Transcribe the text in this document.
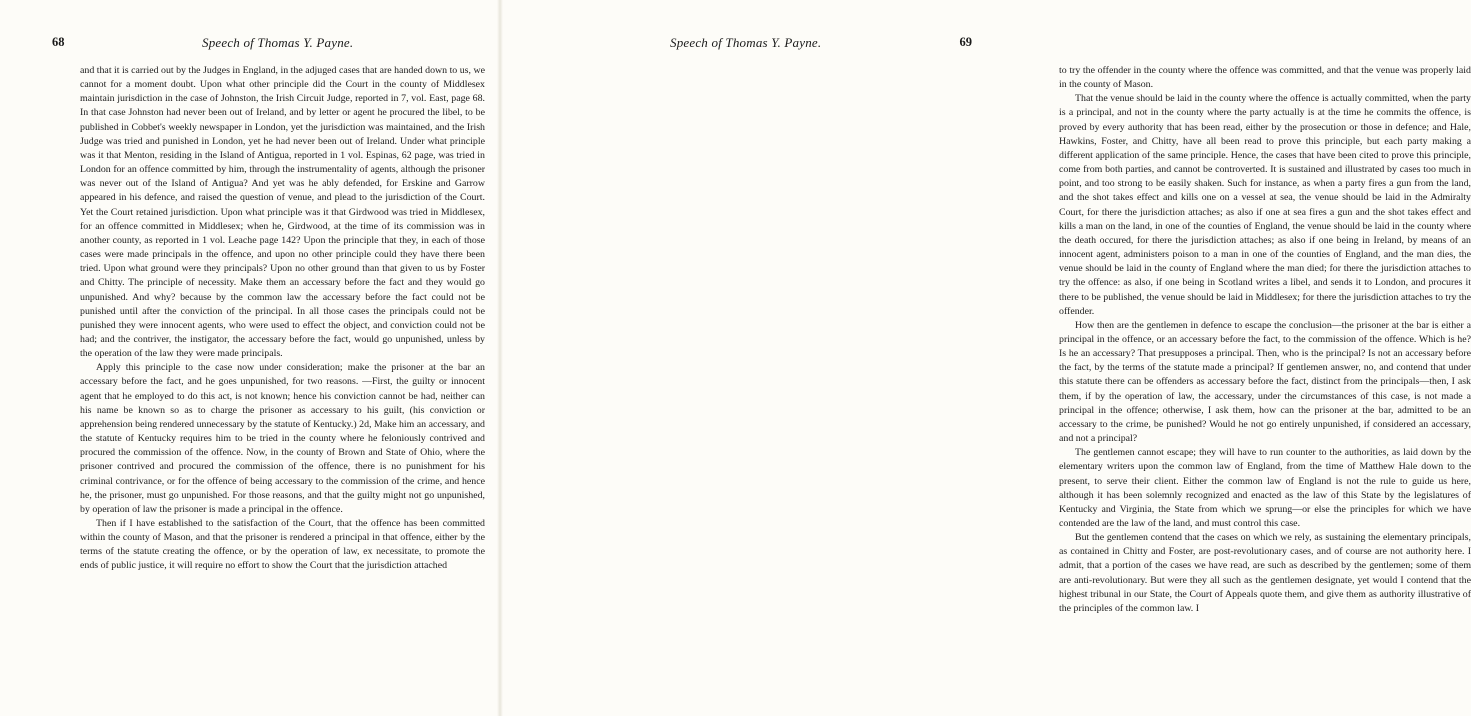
68	Speech of Thomas Y. Payne.

and that it is carried out by the Judges in England, in the adjuged cases that are handed down to us, we cannot for a moment doubt. Upon what other principle did the Court in the county of Middlesex maintain jurisdiction in the case of Johnston, the Irish Circuit Judge, reported in 7, vol. East, page 68. In that case Johnston had never been out of Ireland, and by letter or agent he procured the libel, to be published in Cobbet's weekly newspaper in London, yet the jurisdiction was maintained, and the Irish Judge was tried and punished in London, yet he had never been out of Ireland. Under what principle was it that Menton, residing in the Island of Antigua, reported in 1 vol. Espinas, 62 page, was tried in London for an offence committed by him, through the instrumentality of agents, although the prisoner was never out of the Island of Antigua? And yet was he ably defended, for Erskine and Garrow appeared in his defence, and raised the question of venue, and plead to the jurisdiction of the Court. Yet the Court retained jurisdiction. Upon what principle was it that Girdwood was tried in Middlesex, for an offence committed in Middlesex; when he, Girdwood, at the time of its commission was in another county, as reported in 1 vol. Leache page 142? Upon the principle that they, in each of those cases were made principals in the offence, and upon no other principle could they have there been tried. Upon what ground were they principals? Upon no other ground than that given to us by Foster and Chitty. The principle of necessity. Make them an accessary before the fact and they would go unpunished. And why? because by the common law the accessary before the fact could not be punished until after the conviction of the principal. In all those cases the principals could not be punished they were innocent agents, who were used to effect the object, and conviction could not be had; and the contriver, the instigator, the accessary before the fact, would go unpunished, unless by the operation of the law they were made principals.

Apply this principle to the case now under consideration; make the prisoner at the bar an accessary before the fact, and he goes unpunished, for two reasons. —First, the guilty or innocent agent that he employed to do this act, is not known; hence his conviction cannot be had, neither can his name be known so as to charge the prisoner as accessary to his guilt, (his conviction or apprehension being rendered unnecessary by the statute of Kentucky.) 2d, Make him an accessary, and the statute of Kentucky requires him to be tried in the county where he feloniously contrived and procured the commission of the offence. Now, in the county of Brown and State of Ohio, where the prisoner contrived and procured the commission of the offence, there is no punishment for his criminal contrivance, or for the offence of being accessary to the commission of the crime, and hence he, the prisoner, must go unpunished. For those reasons, and that the guilty might not go unpunished, by operation of law the prisoner is made a principal in the offence.

Then if I have established to the satisfaction of the Court, that the offence has been committed within the county of Mason, and that the prisoner is rendered a principal in that offence, either by the terms of the statute creating the offence, or by the operation of law, ex necessitate, to promote the ends of public justice, it will require no effort to show the Court that the jurisdiction attached

Speech of Thomas Y. Payne.	69

to try the offender in the county where the offence was committed, and that the venue was properly laid in the county of Mason.

That the venue should be laid in the county where the offence is actually committed, when the party is a principal, and not in the county where the party actually is at the time he commits the offence, is proved by every authority that has been read, either by the prosecution or those in defence; and Hale, Hawkins, Foster, and Chitty, have all been read to prove this principle, but each party making a different application of the same principle. Hence, the cases that have been cited to prove this principle, come from both parties, and cannot be controverted. It is sustained and illustrated by cases too much in point, and too strong to be easily shaken. Such for instance, as when a party fires a gun from the land, and the shot takes effect and kills one on a vessel at sea, the venue should be laid in the Admiralty Court, for there the jurisdiction attaches; as also if one at sea fires a gun and the shot takes effect and kills a man on the land, in one of the counties of England, the venue should be laid in the county where the death occured, for there the jurisdiction attaches; as also if one being in Ireland, by means of an innocent agent, administers poison to a man in one of the counties of England, and the man dies, the venue should be laid in the county of England where the man died; for there the jurisdiction attaches to try the offence: as also, if one being in Scotland writes a libel, and sends it to London, and procures it there to be published, the venue should be laid in Middlesex; for there the jurisdiction attaches to try the offender.

How then are the gentlemen in defence to escape the conclusion—the prisoner at the bar is either a principal in the offence, or an accessary before the fact, to the commission of the offence. Which is he? Is he an accessary? That presupposes a principal. Then, who is the principal? Is not an accessary before the fact, by the terms of the statute made a principal? If gentlemen answer, no, and contend that under this statute there can be offenders as accessary before the fact, distinct from the principals—then, I ask them, if by the operation of law, the accessary, under the circumstances of this case, is not made a principal in the offence; otherwise, I ask them, how can the prisoner at the bar, admitted to be an accessary to the crime, be punished? Would he not go entirely unpunished, if considered an accessary, and not a principal?

The gentlemen cannot escape; they will have to run counter to the authorities, as laid down by the elementary writers upon the common law of England, from the time of Matthew Hale down to the present, to serve their client. Either the common law of England is not the rule to guide us here, although it has been solemnly recognized and enacted as the law of this State by the legislatures of Kentucky and Virginia, the State from which we sprung—or else the principles for which we have contended are the law of the land, and must control this case.

But the gentlemen contend that the cases on which we rely, as sustaining the elementary principals, as contained in Chitty and Foster, are post-revolutionary cases, and of course are not authority here. I admit, that a portion of the cases we have read, are such as described by the gentlemen; some of them are anti-revolutionary. But were they all such as the gentlemen designate, yet would I contend that the highest tribunal in our State, the Court of Appeals quote them, and give them as authority illustrative of the principles of the common law. I
